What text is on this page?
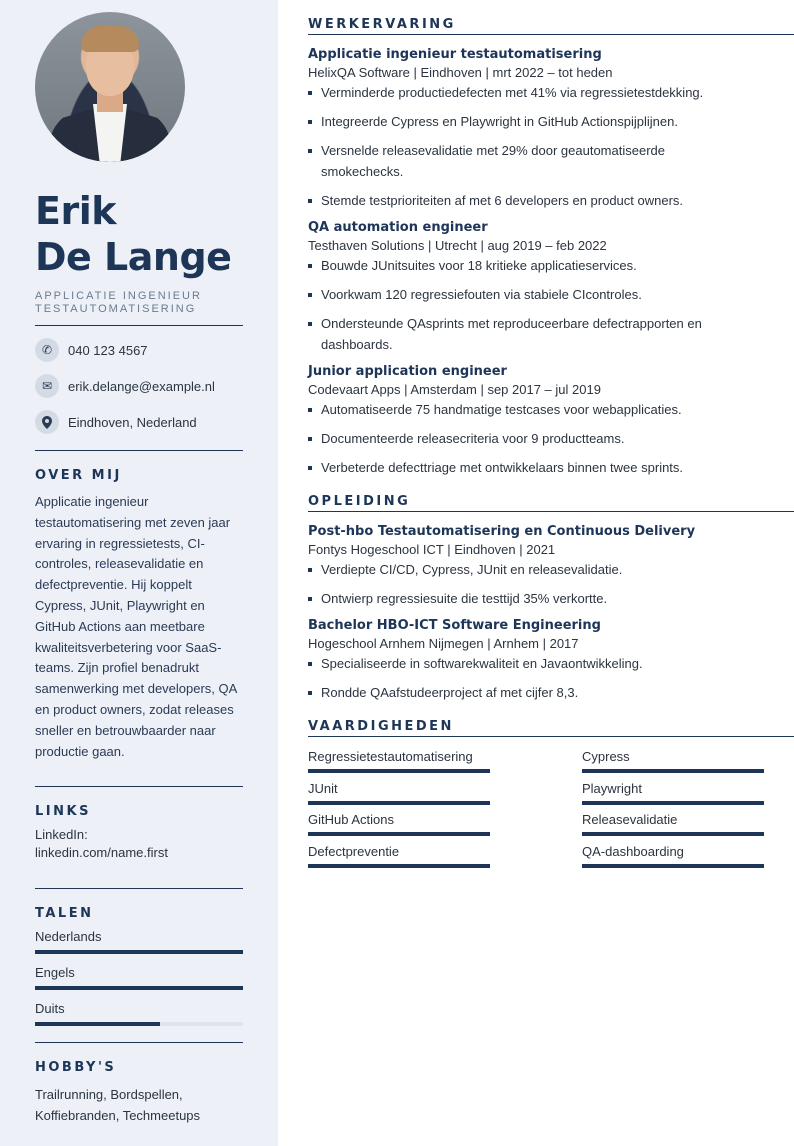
Erik
De Lange
APPLICATIE INGENIEUR TESTAUTOMATISERING
✆	040 123 4567
✉	erik.delange@example.nl
Eindhoven, Nederland
OVER MIJ
Applicatie ingenieur testautomatisering met zeven jaar ervaring in regressietests, CI-controles, releasevalidatie en defectpreventie. Hij koppelt Cypress, JUnit, Playwright en GitHub Actions aan meetbare kwaliteitsverbetering voor SaaS-teams. Zijn profiel benadrukt samenwerking met developers, QA en product owners, zodat releases sneller en betrouwbaarder naar productie gaan.
LINKS
LinkedIn:
linkedin.com/name.first
TALEN
Nederlands
Engels
Duits
HOBBY'S
Trailrunning, Bordspellen, Koffiebranden, Techmeetups
WERKERVARING
Applicatie ingenieur testautomatisering
HelixQA Software | Eindhoven | mrt 2022 – tot heden
Verminderde productiedefecten met 41% via regressietestdekking.
Integreerde Cypress en Playwright in GitHub Actionspijplijnen.
Versnelde releasevalidatie met 29% door geautomatiseerde smokechecks.
Stemde testprioriteiten af met 6 developers en product owners.
QA automation engineer
Testhaven Solutions | Utrecht | aug 2019 – feb 2022
Bouwde JUnitsuites voor 18 kritieke applicatieservices.
Voorkwam 120 regressiefouten via stabiele CIcontroles.
Ondersteunde QAsprints met reproduceerbare defectrapporten en dashboards.
Junior application engineer
Codevaart Apps | Amsterdam | sep 2017 – jul 2019
Automatiseerde 75 handmatige testcases voor webapplicaties.
Documenteerde releasecriteria voor 9 productteams.
Verbeterde defecttriage met ontwikkelaars binnen twee sprints.
OPLEIDING
Post-hbo Testautomatisering en Continuous Delivery
Fontys Hogeschool ICT | Eindhoven | 2021
Verdiepte CI/CD, Cypress, JUnit en releasevalidatie.
Ontwierp regressiesuite die testtijd 35% verkortte.
Bachelor HBO-ICT Software Engineering
Hogeschool Arnhem Nijmegen | Arnhem | 2017
Specialiseerde in softwarekwaliteit en Javaontwikkeling.
Rondde QAafstudeerproject af met cijfer 8,3.
VAARDIGHEDEN
Regressietestautomatisering	Cypress
JUnit	Playwright
GitHub Actions	Releasevalidatie
Defectpreventie	QA-dashboarding
